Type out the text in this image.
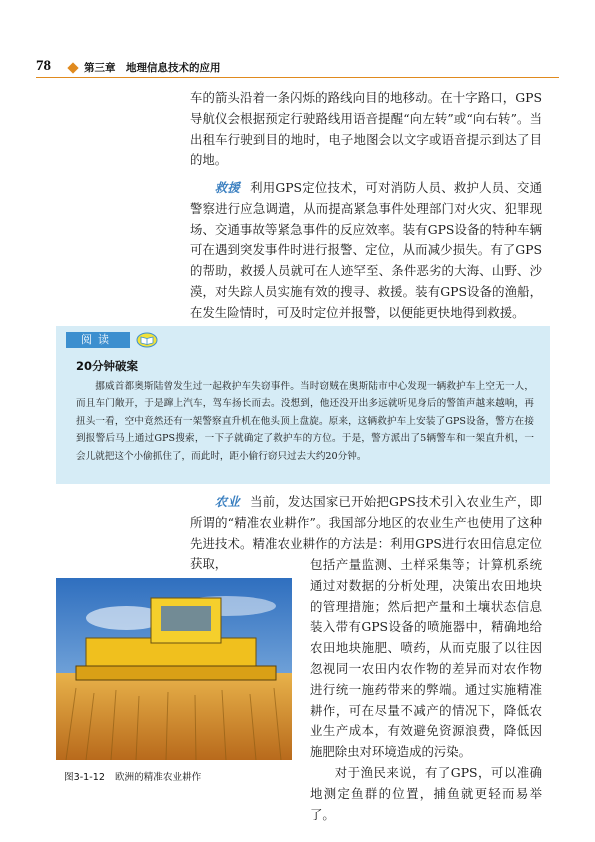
78	第三章　地理信息技术的应用

车的箭头沿着一条闪烁的路线向目的地移动。在十字路口，GPS导航仪会根据预定行驶路线用语音提醒“向左转”或“向右转”。当出租车行驶到目的地时，电子地图会以文字或语音提示到达了目的地。

救援 利用GPS定位技术，可对消防人员、救护人员、交通警察进行应急调遣，从而提高紧急事件处理部门对火灾、犯罪现场、交通事故等紧急事件的反应效率。装有GPS设备的特种车辆可在遇到突发事件时进行报警、定位，从而减少损失。有了GPS的帮助，救援人员就可在人迹罕至、条件恶劣的大海、山野、沙漠，对失踪人员实施有效的搜寻、救援。装有GPS设备的渔船，在发生险情时，可及时定位并报警，以便能更快地得到救援。

阅读
20分钟破案
挪威首都奥斯陆曾发生过一起救护车失窃事件。当时窃贼在奥斯陆市中心发现一辆救护车上空无一人，而且车门敞开，于是蹿上汽车，驾车扬长而去。没想到，他还没开出多远就听见身后的警笛声越来越响，再扭头一看，空中竟然还有一架警察直升机在他头顶上盘旋。原来，这辆救护车上安装了GPS设备，警方在接到报警后马上通过GPS搜索，一下子就确定了救护车的方位。于是，警方派出了5辆警车和一架直升机，一会儿就把这个小偷抓住了，而此时，距小偷行窃只过去大约20分钟。

农业 当前，发达国家已开始把GPS技术引入农业生产，即所谓的“精准农业耕作”。我国部分地区的农业生产也使用了这种先进技术。精准农业耕作的方法是：利用GPS进行农田信息定位获取，

图3-1-12 欧洲的精准农业耕作

包括产量监测、土样采集等；计算机系统通过对数据的分析处理，决策出农田地块的管理措施；然后把产量和土壤状态信息装入带有GPS设备的喷施器中，精确地给农田地块施肥、喷药，从而克服了以往因忽视同一农田内农作物的差异而对农作物进行统一施药带来的弊端。通过实施精准耕作，可在尽量不减产的情况下，降低农业生产成本，有效避免资源浪费，降低因施肥除虫对环境造成的污染。

对于渔民来说，有了GPS，可以准确地测定鱼群的位置，捕鱼就更轻而易举了。
